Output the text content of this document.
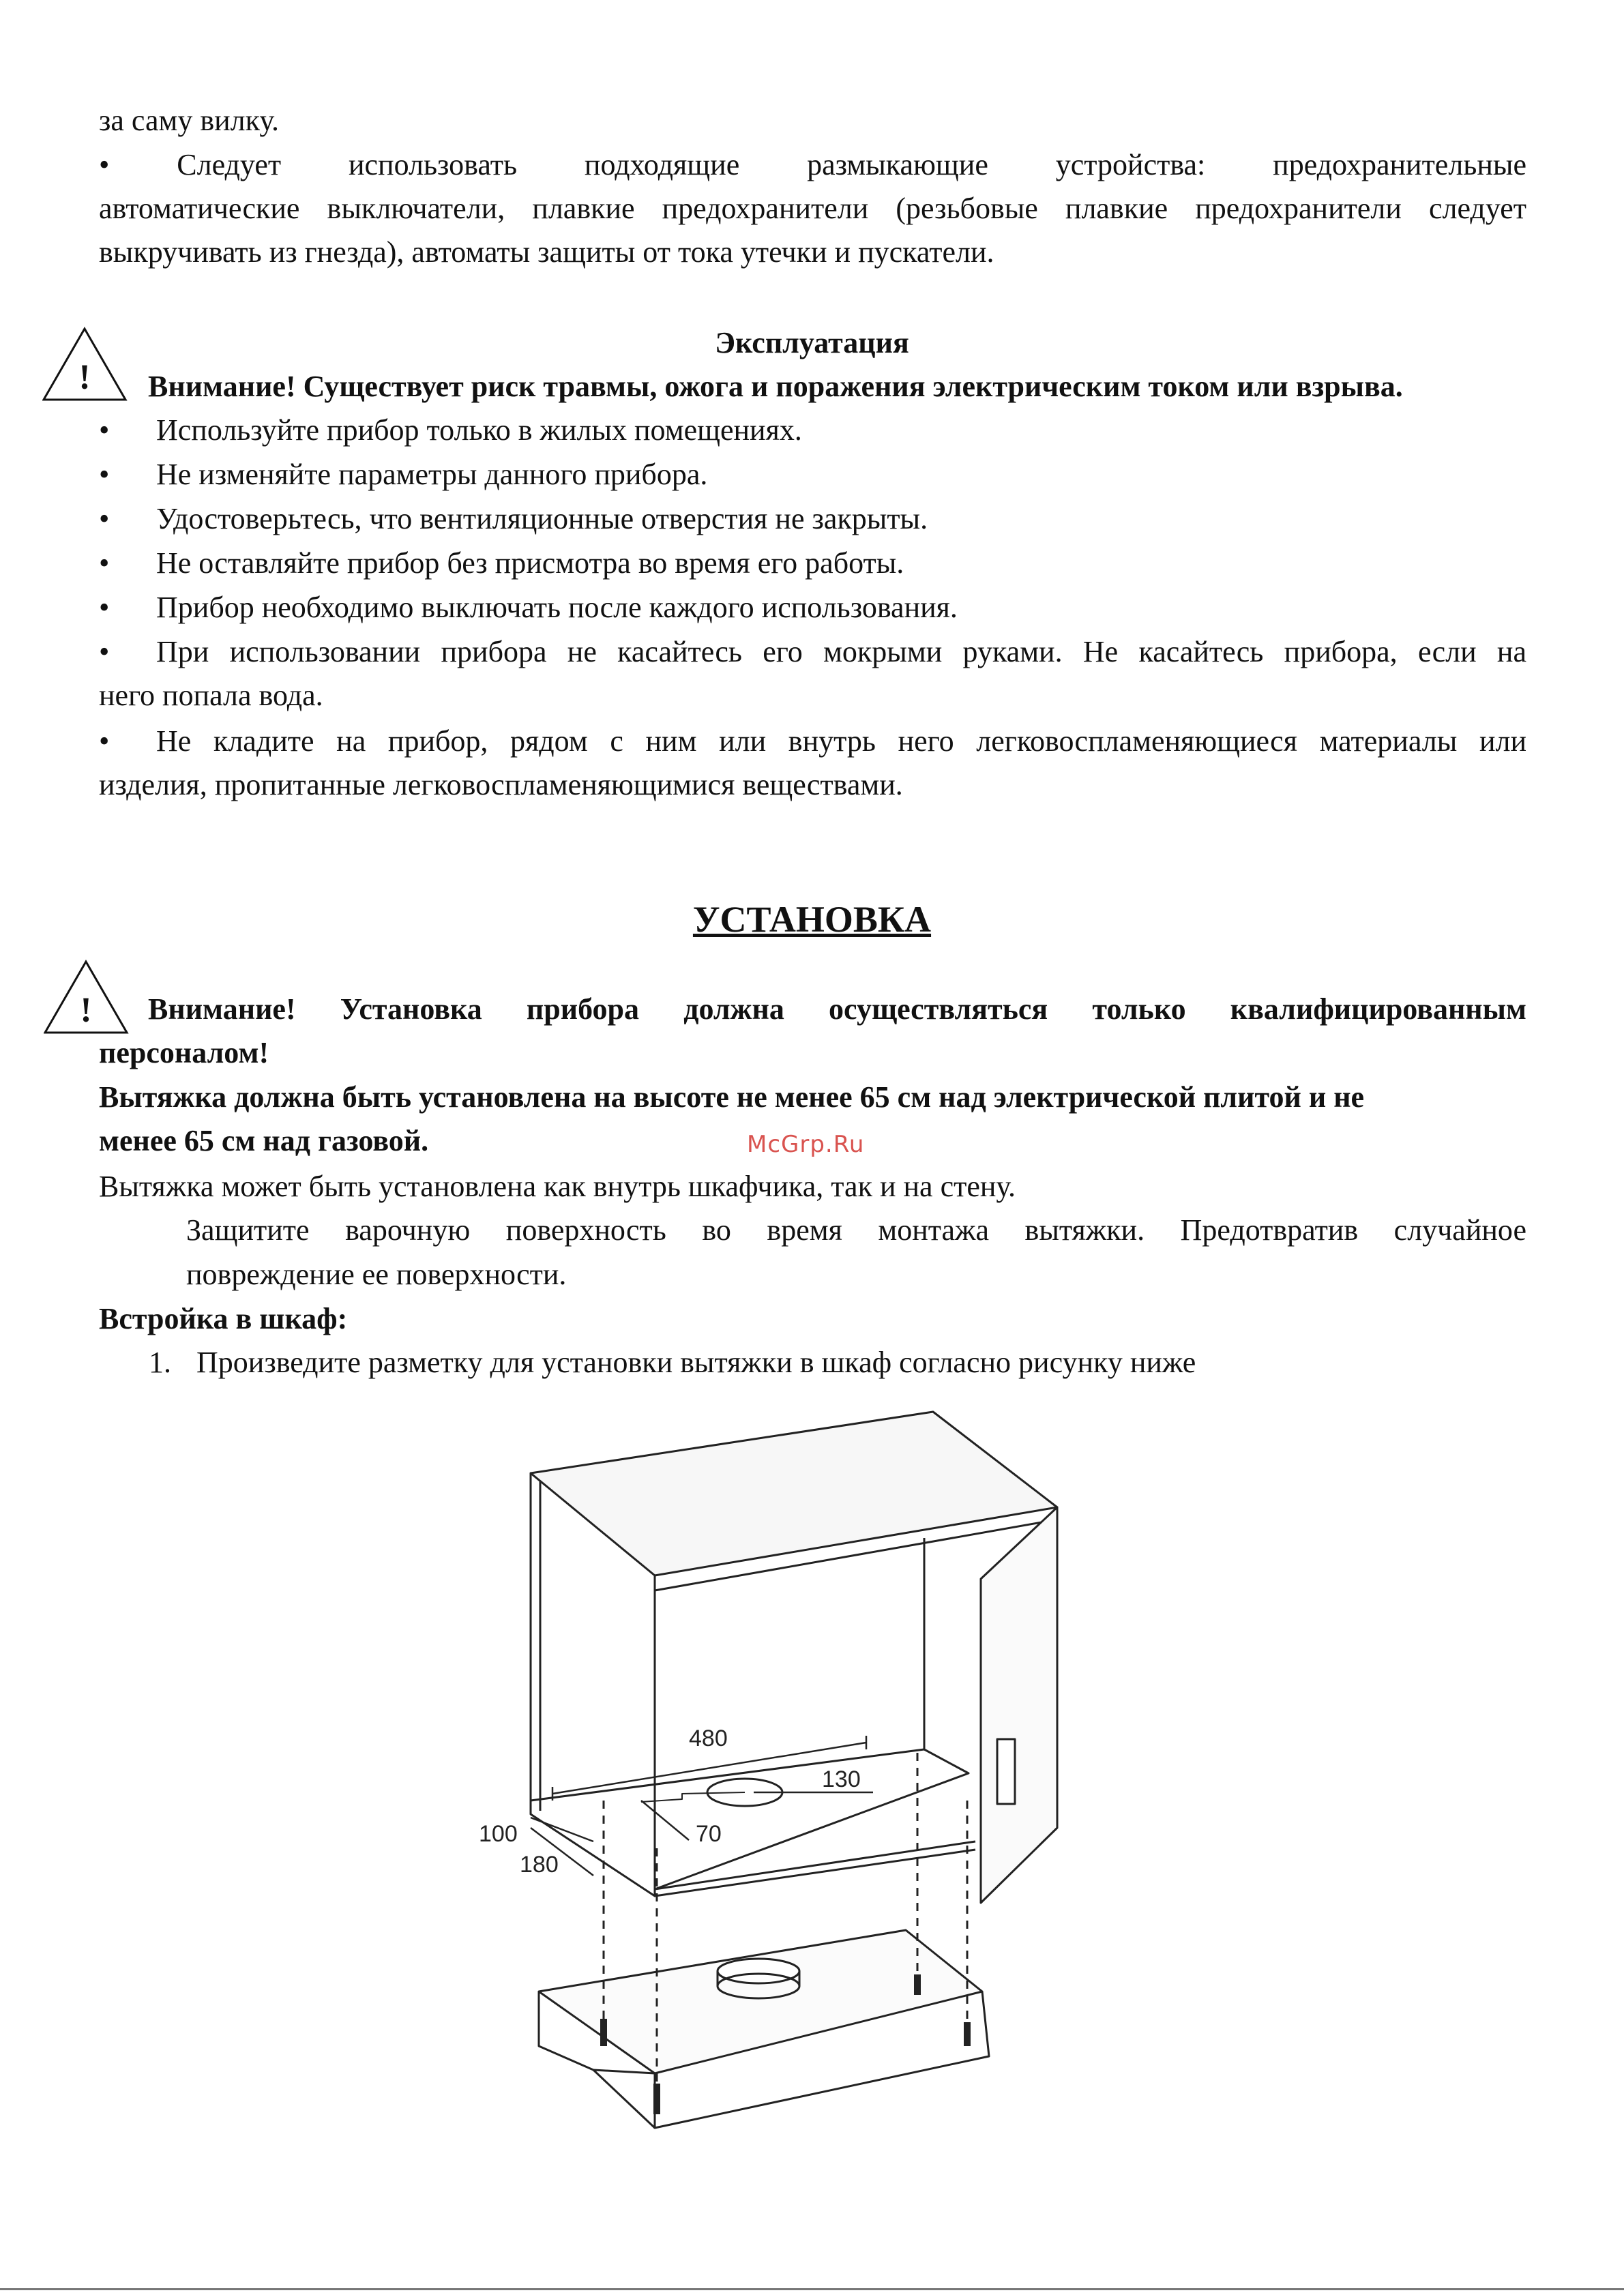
за саму вилку.
• Следует использовать подходящие размыкающие устройства: предохранительные
автоматические выключатели, плавкие предохранители (резьбовые плавкие предохранители следует
выкручивать из гнезда), автоматы защиты от тока утечки и пускатели.
Эксплуатация
! Внимание! Существует риск травмы, ожога и поражения электрическим током или взрыва.
• Используйте прибор только в жилых помещениях.
• Не изменяйте параметры данного прибора.
• Удостоверьтесь, что вентиляционные отверстия не закрыты.
• Не оставляйте прибор без присмотра во время его работы.
• Прибор необходимо выключать после каждого использования.
• При использовании прибора не касайтесь его мокрыми руками. Не касайтесь прибора, если на
него попала вода.
• Не кладите на прибор, рядом с ним или внутрь него легковоспламеняющиеся материалы или
изделия, пропитанные легковоспламеняющимися веществами.
УСТАНОВКА
! Внимание! Установка прибора должна осуществляться только квалифицированным
персоналом!
Вытяжка должна быть установлена на высоте не менее 65 см над электрической плитой и не
менее 65 см над газовой.	McGrp.Ru
Вытяжка может быть установлена как внутрь шкафчика, так и на стену.
Защитите варочную поверхность во время монтажа вытяжки. Предотвратив случайное
повреждение ее поверхности.
Встройка в шкаф:
1. Произведите разметку для установки вытяжки в шкаф согласно рисунку ниже
480
130
70
100
180
